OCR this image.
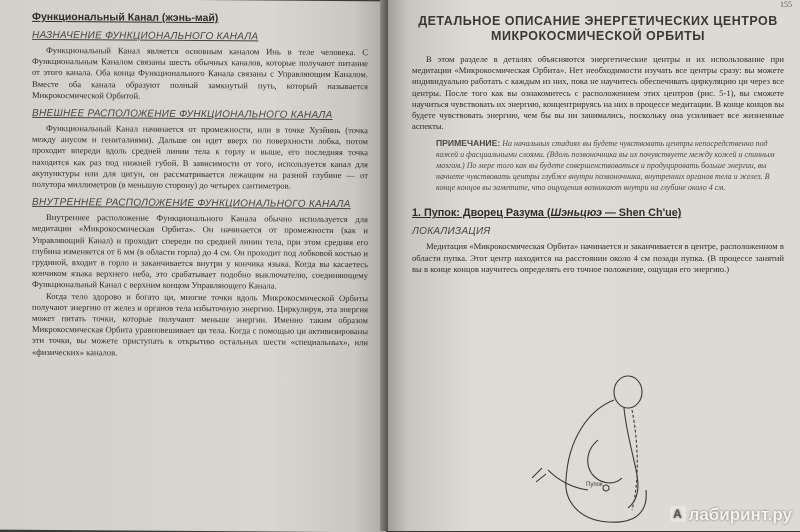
Функциональный Канал (жэнь-май)
НАЗНАЧЕНИЕ ФУНКЦИОНАЛЬНОГО КАНАЛА

Функциональный Канал является основным каналом Инь в теле человека. С Функциональным Каналом связаны шесть обычных каналов, которые получают питание от этого канала. Оба конца Функционального Канала связаны с Управляющим Каналом. Вместе оба канала образуют полный замкнутый путь, который называется Микрокосмической Орбитой.

ВНЕШНЕЕ РАСПОЛОЖЕНИЕ ФУНКЦИОНАЛЬНОГО КАНАЛА

Функциональный Канал начинается от промежности, или в точке Хуэйинь (точка между анусом и гениталиями). Дальше он идет вверх по поверхности лобка, потом проходит впереди вдоль средней линии тела к горлу и выше, его последняя точка находится как раз под нижней губой. В зависимости от того, используется канал для акупунктуры или для цигун, он рассматривается лежащим на разной глубине — от полутора миллиметров (в меньшую сторону) до четырех сантиметров.

ВНУТРЕННЕЕ РАСПОЛОЖЕНИЕ ФУНКЦИОНАЛЬНОГО КАНАЛА

Внутреннее расположение Функционального Канала обычно используется для медитации «Микрокосмическая Орбита». Он начинается от промежности (как и Управляющий Канал) и проходит спереди по средней линии тела, при этом средняя его глубина изменяется от 6 мм (в области горла) до 4 см. Он проходит под лобковой костью и грудиной, входит в горло и заканчивается внутри у кончика языка. Когда вы касаетесь кончиком языка верхнего неба, это срабатывает подобно выключателю, соединяющему Функциональный Канал с верхним концом Управляющего Канала.

Когда тело здорово и богато ци, многие точки вдоль Микрокосмической Орбиты получают энергию от желез и органов тела избыточную энергию. Циркулируя, эта энергия может питать точки, которые получают меньше энергии. Именно таким образом Микрокосмическая Орбита уравновешивает ци тела. Когда с помощью ци активизированы эти точки, вы можете приступать к открытию остальных шести «специальных», или «физических» каналов.

155
ДЕТАЛЬНОЕ ОПИСАНИЕ ЭНЕРГЕТИЧЕСКИХ ЦЕНТРОВ МИКРОКОСМИЧЕСКОЙ ОРБИТЫ

В этом разделе в деталях объясняются энергетические центры и их использование при медитации «Микрокосмическая Орбита». Нет необходимости изучать все центры сразу: вы можете индивидуально работать с каждым из них, пока не научитесь обеспечивать циркуляцию ци через все центры. После того как вы ознакомитесь с расположением этих центров (рис. 5-1), вы сможете научиться чувствовать их энергию, концентрируясь на них в процессе медитации. В конце концов вы будете чувствовать энергию, чем бы вы ни занимались, поскольку она усиливает все жизненные аспекты.

ПРИМЕЧАНИЕ: На начальных стадиях вы будете чувствовать центры непосредственно под кожей и фасциальными слоями. (Вдоль позвоночника вы их почувствуете между кожей и спинным мозгом.) По мере того как вы будете совершенствоваться и продуцировать больше энергии, вы начнете чувствовать центры глубже внутри позвоночника, внутренних органов тела и желез. В конце концов вы заметите, что ощущения возникают внутри на глубине около 4 см.
1. Пупок: Дворец Разума (Шэньцюэ — Shen Ch'ue)
ЛОКАЛИЗАЦИЯ

Медитация «Микрокосмическая Орбита» начинается и заканчивается в центре, расположенном в области пупка. Этот центр находится на расстоянии около 4 см позади пупка. (В процессе занятий вы в конце концов научитесь определять его точное положение, ощущая его энергию.)

Пупок
A лабиринт.ру
